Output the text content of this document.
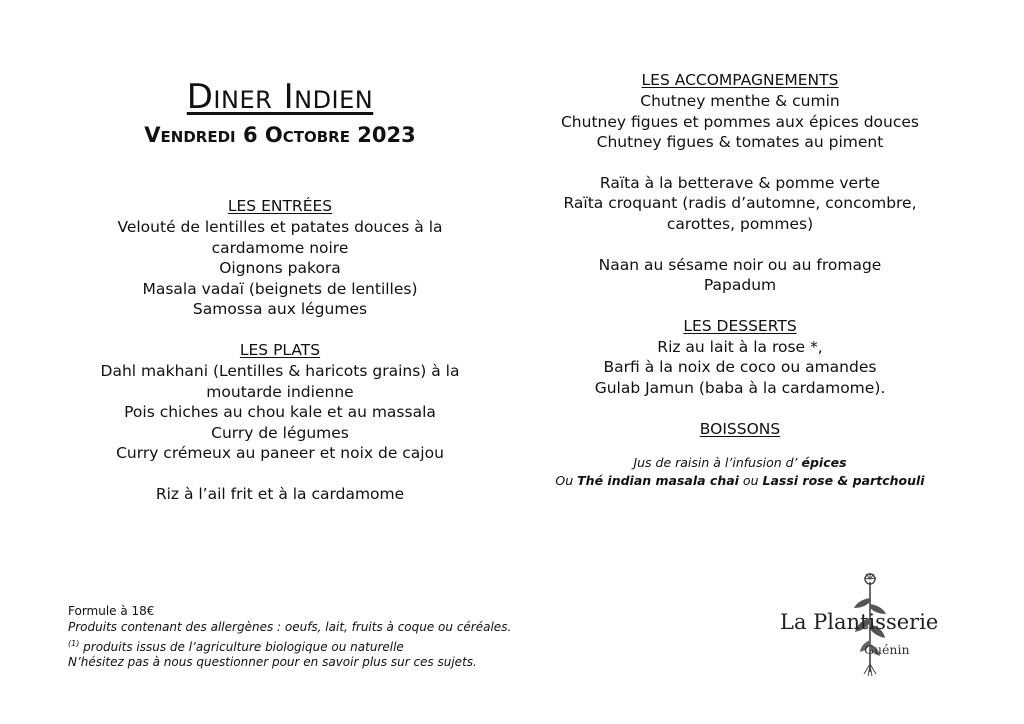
Diner Indien

Vendredi 6 Octobre 2023

LES ENTRÉES

Velouté de lentilles et patates douces à la

cardamome noire

Oignons pakora

Masala vadaï (beignets de lentilles)

Samossa aux légumes

LES PLATS

Dahl makhani (Lentilles & haricots grains) à la

moutarde indienne

Pois chiches au chou kale et au massala

Curry de légumes

Curry crémeux au paneer et noix de cajou

Riz à l’ail frit et à la cardamome

LES ACCOMPAGNEMENTS

Chutney menthe & cumin

Chutney figues et pommes aux épices douces

Chutney figues & tomates au piment

Raïta à la betterave & pomme verte

Raïta croquant (radis d’automne, concombre,

carottes, pommes)

Naan au sésame noir ou au fromage

Papadum

LES DESSERTS

Riz au lait à la rose *,

Barfi à la noix de coco ou amandes

Gulab Jamun (baba à la cardamome).

BOISSONS

Jus de raisin à l’infusion d’ épices

Ou Thé indian masala chai ou Lassi rose & partchouli

Formule à 18€
Produits contenant des allergènes : oeufs, lait, fruits à coque ou céréales.
$^{(1)}$ produits issus de l’agriculture biologique ou naturelle
N’hésitez pas à nous questionner pour en savoir plus sur ces sujets.
La Plantisserie
Guénin
